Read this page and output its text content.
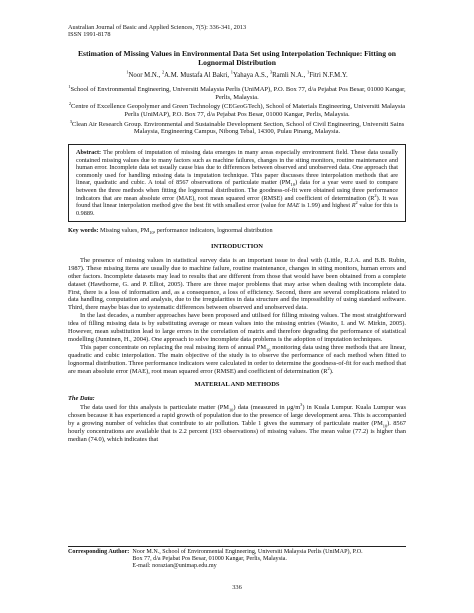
Australian Journal of Basic and Applied Sciences, 7(5): 336-341, 2013
ISSN 1991-8178
Estimation of Missing Values in Environmental Data Set using Interpolation Technique: Fitting on Lognormal Distribution
$^1$Noor M.N., $^2$A.M. Mustafa Al Bakri, $^1$Yahaya A.S., $^3$Ramli N.A., $^1$Fitri N.F.M.Y.
$^1$School of Environmental Engineering, Universiti Malaysia Perlis (UniMAP), P.O. Box 77, d/a Pejabat Pos Besar, 01000 Kangar, Perlis, Malaysia.
$^2$Centre of Excellence Geopolymer and Green Technology (CEGeoGTech), School of Materials Engineering, Universiti Malaysia Perlis (UniMAP), P.O. Box 77, d/a Pejabat Pos Besar, 01000 Kangar, Perlis, Malaysia.
$^3$Clean Air Research Group. Environmental and Sustainable Development Section, School of Civil Engineering, Universiti Sains Malaysia, Engineering Campus, Nibong Tebal, 14300, Pulau Pinang, Malaysia.
Abstract: The problem of imputation of missing data emerges in many areas especially environment field. These data usually contained missing values due to many factors such as machine failures, changes in the siting monitors, routine maintenance and human error. Incomplete data set usually cause bias due to differences between observed and unobserved data. One approach that commonly used for handling missing data is imputation technique. This paper discusses three interpolation methods that are linear, quadratic and cubic. A total of 8567 observations of particulate matter $(PM_{10})$ data for a year were used to compare between the three methods when fitting the lognormal distribution. The goodness-of-fit were obtained using three performance indicators that are mean absolute error (MAE), root mean squared error (RMSE) and coefficient of determination $(R^2)$. It was found that linear interpolation method give the best fit with smallest error (value for MAE is 1.99) and highest $R^2$ value for this is 0.9889.
Key words: Missing values, $PM_{10}$, performance indicators, lognormal distribution
INTRODUCTION

The presence of missing values in statistical survey data is an important issue to deal with (Little, R.J.A. and B.B. Rubin, 1987). These missing items are usually due to machine failure, routine maintenance, changes in siting monitors, human errors and other factors. Incomplete datasets may lead to results that are different from those that would have been obtained from a complete dataset (Hawthorne, G. and P. Elliot, 2005). There are three major problems that may arise when dealing with incomplete data. First, there is a loss of information and, as a consequence, a loss of efficiency. Second, there are several complications related to data handling, computation and analysis, due to the irregularities in data structure and the impossibility of using standard software. Third, there maybe bias due to systematic differences between observed and unobserved data.

In the last decades, a number approaches have been proposed and utilised for filling missing values. The most straightforward idea of filling missing data is by substituting average or mean values into the missing entries (Wasito, I. and W. Mirkin, 2005). However, mean substitution lead to large errors in the correlation of matrix and therefore degrading the performance of statistical modelling (Junninen, H., 2004). One approach to solve incomplete data problems is the adoption of imputation techniques.

This paper concentrate on replacing the real missing item of annual $PM_{10}$ monitoring data using three methods that are linear, quadratic and cubic interpolation. The main objective of the study is to observe the performance of each method when fitted to lognormal distribution. Three performance indicators were calculated in order to determine the goodness-of-fit for each method that are mean absolute error (MAE), root mean squared error (RMSE) and coefficient of determination $(R^2)$.

MATERIAL AND METHODS
The Data:

The data used for this analysis is particulate matter $(PM_{10})$ data (measured in $\mu g/m^3$) in Kuala Lumpur. Kuala Lumpur was chosen because it has experienced a rapid growth of population due to the presence of large development area. This is accompanied by a growing number of vehicles that contribute to air pollution. Table 1 gives the summary of particulate matter $(PM_{10})$. 8567 hourly concentrations are available that is 2.2 percent (193 observations) of missing values. The mean value (77.2) is higher than median (74.0), which indicates that

Corresponding Author: Noor M.N., School of Environmental Engineering, Universiti Malaysia Perlis (UniMAP), P.O.
Box 77, d/a Pejabat Pos Besar, 01000 Kangar, Perlis, Malaysia.
E-mail: norazian@unimap.edu.my
336
